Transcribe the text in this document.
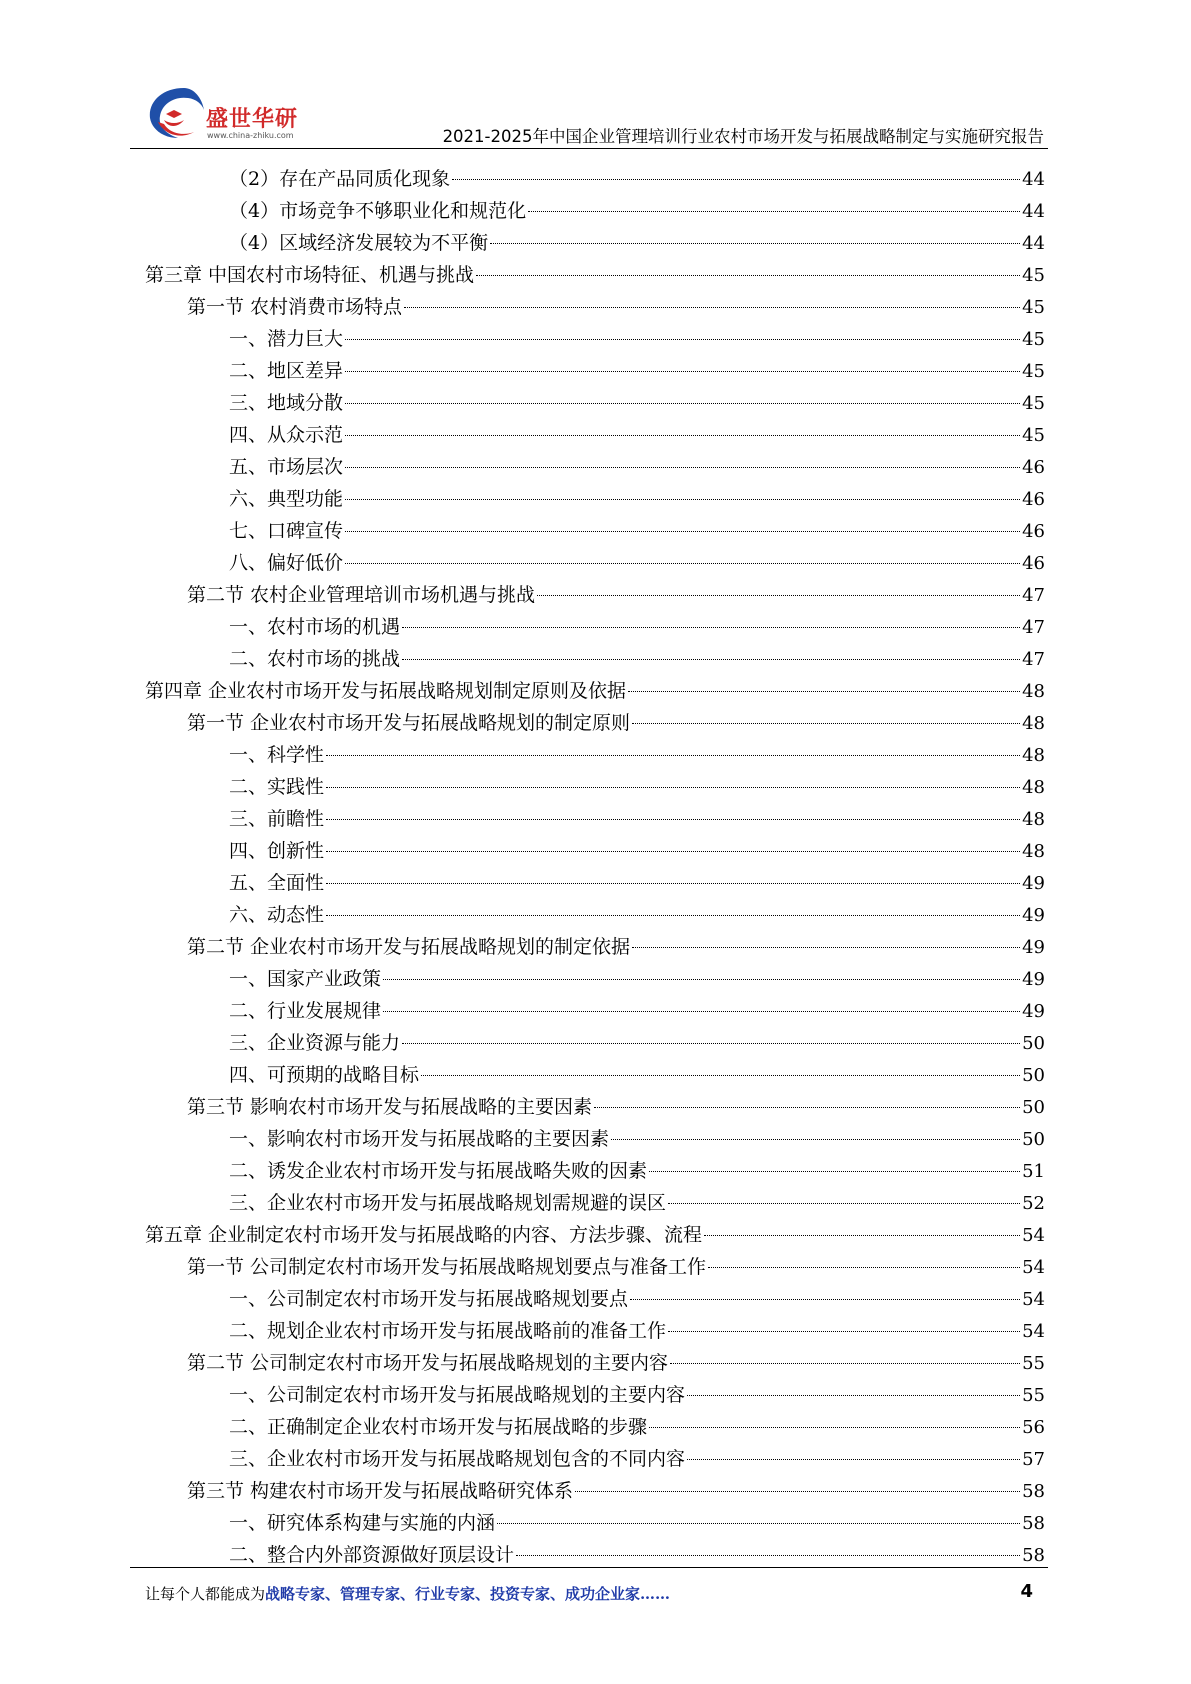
盛世华研
www.china-zhiku.com	2021-2025年中国企业管理培训行业农村市场开发与拓展战略制定与实施研究报告
（2）存在产品同质化现象	44
（4）市场竞争不够职业化和规范化	44
（4）区域经济发展较为不平衡	44
第三章 中国农村市场特征、机遇与挑战	45
第一节 农村消费市场特点	45
一、潜力巨大	45
二、地区差异	45
三、地域分散	45
四、从众示范	45
五、市场层次	46
六、典型功能	46
七、口碑宣传	46
八、偏好低价	46
第二节 农村企业管理培训市场机遇与挑战	47
一、农村市场的机遇	47
二、农村市场的挑战	47
第四章 企业农村市场开发与拓展战略规划制定原则及依据	48
第一节 企业农村市场开发与拓展战略规划的制定原则	48
一、科学性	48
二、实践性	48
三、前瞻性	48
四、创新性	48
五、全面性	49
六、动态性	49
第二节 企业农村市场开发与拓展战略规划的制定依据	49
一、国家产业政策	49
二、行业发展规律	49
三、企业资源与能力	50
四、可预期的战略目标	50
第三节 影响农村市场开发与拓展战略的主要因素	50
一、影响农村市场开发与拓展战略的主要因素	50
二、诱发企业农村市场开发与拓展战略失败的因素	51
三、企业农村市场开发与拓展战略规划需规避的误区	52
第五章 企业制定农村市场开发与拓展战略的内容、方法步骤、流程	54
第一节 公司制定农村市场开发与拓展战略规划要点与准备工作	54
一、公司制定农村市场开发与拓展战略规划要点	54
二、规划企业农村市场开发与拓展战略前的准备工作	54
第二节 公司制定农村市场开发与拓展战略规划的主要内容	55
一、公司制定农村市场开发与拓展战略规划的主要内容	55
二、正确制定企业农村市场开发与拓展战略的步骤	56
三、企业农村市场开发与拓展战略规划包含的不同内容	57
第三节 构建农村市场开发与拓展战略研究体系	58
一、研究体系构建与实施的内涵	58
二、整合内外部资源做好顶层设计	58
让每个人都能成为战略专家、管理专家、行业专家、投资专家、成功企业家……	4
